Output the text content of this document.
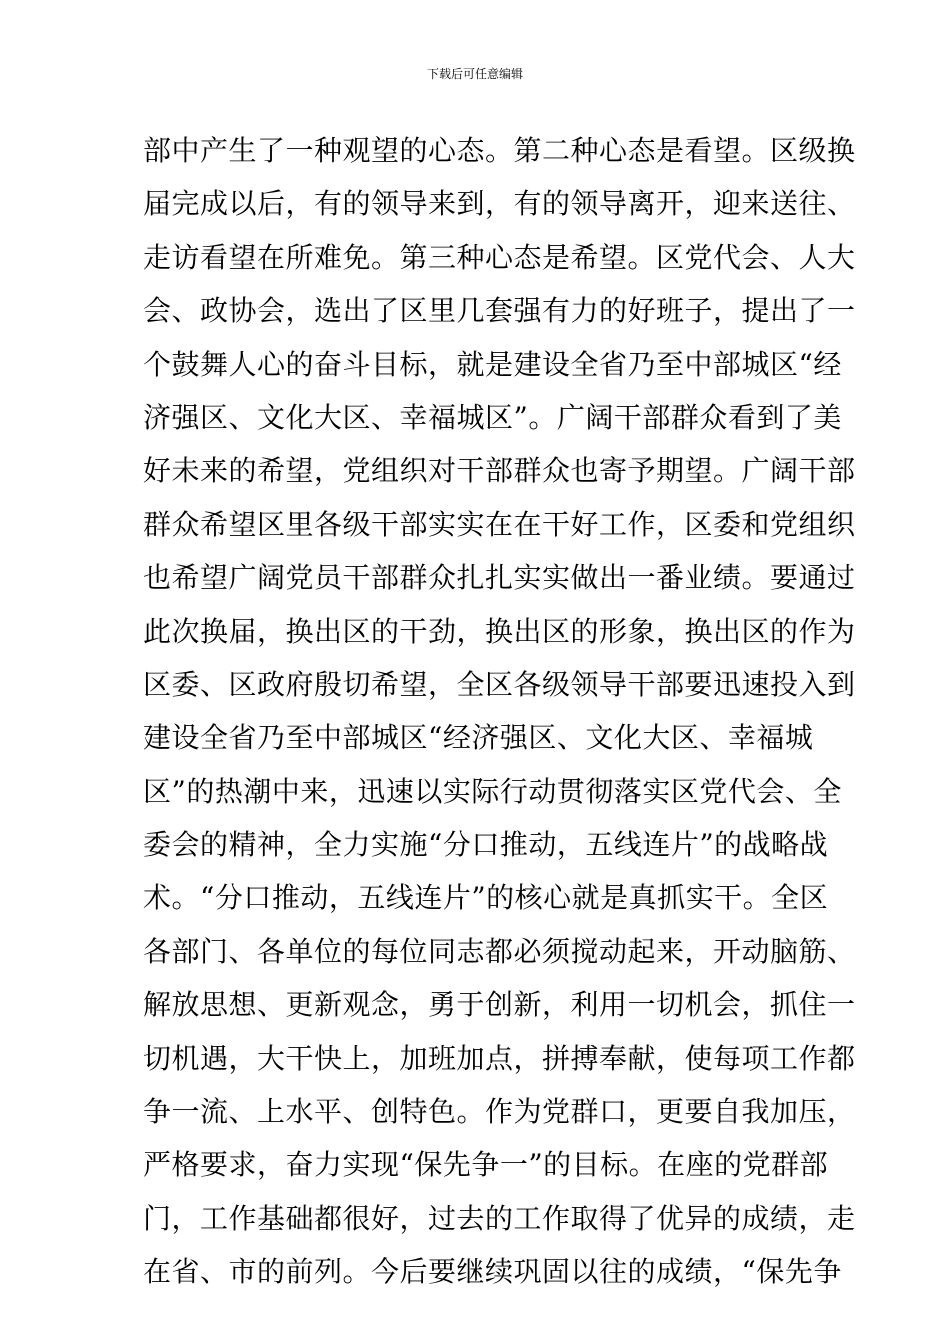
下载后可任意编辑
部中产生了一种观望的心态。第二种心态是看望。区级换
届完成以后，有的领导来到，有的领导离开，迎来送往、
走访看望在所难免。第三种心态是希望。区党代会、人大
会、政协会，选出了区里几套强有力的好班子，提出了一
个鼓舞人心的奋斗目标，就是建设全省乃至中部城区“经
济强区、文化大区、幸福城区”。广阔干部群众看到了美
好未来的希望，党组织对干部群众也寄予期望。广阔干部
群众希望区里各级干部实实在在干好工作，区委和党组织
也希望广阔党员干部群众扎扎实实做出一番业绩。要通过
此次换届，换出区的干劲，换出区的形象，换出区的作为
区委、区政府殷切希望，全区各级领导干部要迅速投入到
建设全省乃至中部城区“经济强区、文化大区、幸福城
区”的热潮中来，迅速以实际行动贯彻落实区党代会、全
委会的精神，全力实施“分口推动，五线连片”的战略战
术。“分口推动，五线连片”的核心就是真抓实干。全区
各部门、各单位的每位同志都必须搅动起来，开动脑筋、
解放思想、更新观念，勇于创新，利用一切机会，抓住一
切机遇，大干快上，加班加点，拼搏奉献，使每项工作都
争一流、上水平、创特色。作为党群口，更要自我加压，
严格要求，奋力实现“保先争一”的目标。在座的党群部
门，工作基础都很好，过去的工作取得了优异的成绩，走
在省、市的前列。今后要继续巩固以往的成绩，“保先争
